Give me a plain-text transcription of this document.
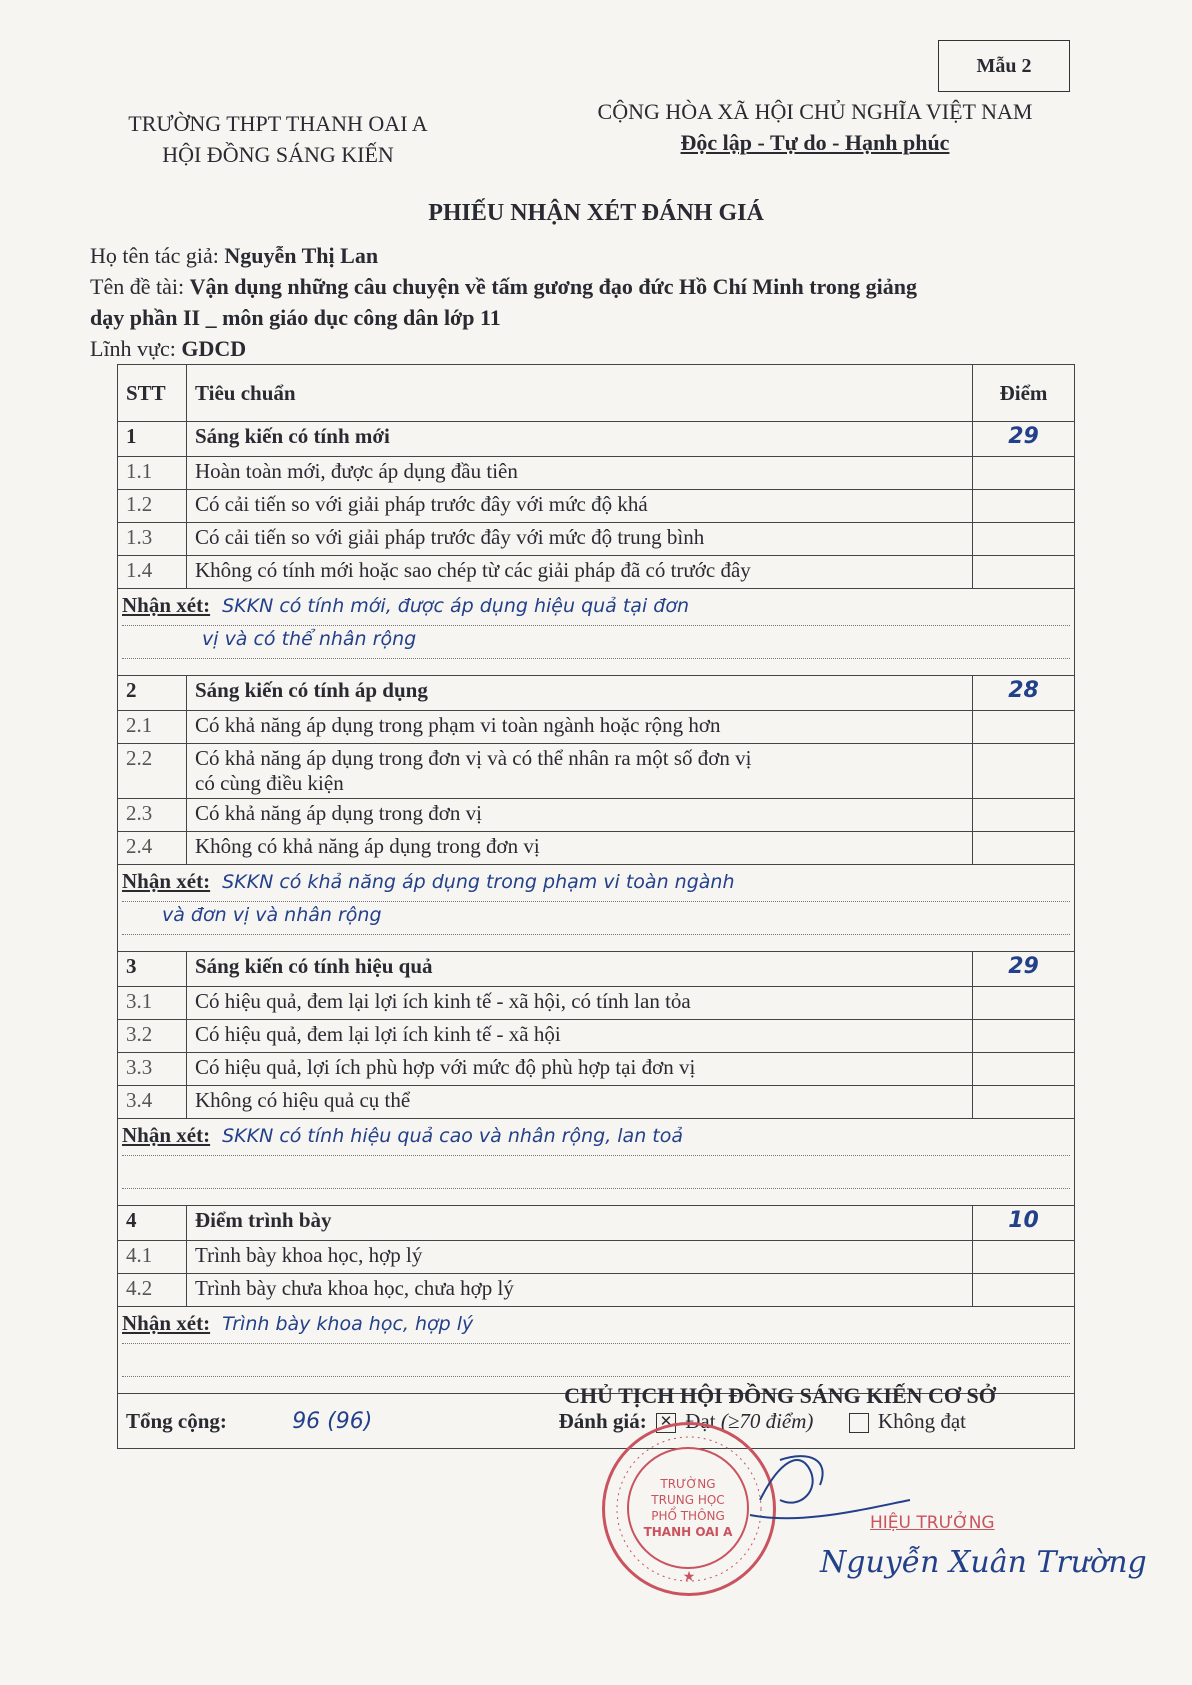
Mẫu 2
TRƯỜNG THPT THANH OAI A
HỘI ĐỒNG SÁNG KIẾN
CỘNG HÒA XÃ HỘI CHỦ NGHĨA VIỆT NAM
Độc lập - Tự do - Hạnh phúc
PHIẾU NHẬN XÉT ĐÁNH GIÁ
Họ tên tác giả: Nguyễn Thị Lan
Tên đề tài: Vận dụng những câu chuyện về tấm gương đạo đức Hồ Chí Minh trong giảng
dạy phần II _ môn giáo dục công dân lớp 11
Lĩnh vực: GDCD
STT	Tiêu chuẩn	Điểm
1	Sáng kiến có tính mới	29
1.1	Hoàn toàn mới, được áp dụng đầu tiên	
1.2	Có cải tiến so với giải pháp trước đây với mức độ khá	
1.3	Có cải tiến so với giải pháp trước đây với mức độ trung bình	
1.4	Không có tính mới hoặc sao chép từ các giải pháp đã có trước đây	

Nhận xét: SKKN có tính mới, được áp dụng hiệu quả tại đơn
vị và có thể nhân rộng		

2	Sáng kiến có tính áp dụng	28
2.1	Có khả năng áp dụng trong phạm vi toàn ngành hoặc rộng hơn	
2.2	Có khả năng áp dụng trong đơn vị và có thể nhân ra một số đơn vị
có cùng điều kiện	

2.3	Có khả năng áp dụng trong đơn vị	
2.4	Không có khả năng áp dụng trong đơn vị	

Nhận xét: SKKN có khả năng áp dụng trong phạm vi toàn ngành
và đơn vị và nhân rộng		

3	Sáng kiến có tính hiệu quả	29
3.1	Có hiệu quả, đem lại lợi ích kinh tế - xã hội, có tính lan tỏa	
3.2	Có hiệu quả, đem lại lợi ích kinh tế - xã hội	
3.3	Có hiệu quả, lợi ích phù hợp với mức độ phù hợp tại đơn vị	
3.4	Không có hiệu quả cụ thể	

Nhận xét: SKKN có tính hiệu quả cao và nhân rộng, lan toả		

4	Điểm trình bày	10
4.1	Trình bày khoa học, hợp lý	
4.2	Trình bày chưa khoa học, chưa hợp lý	

Nhận xét: Trình bày khoa học, hợp lý		

Tổng cộng: 96 (96) Đánh giá: ✕ Đạt (≥70 điểm) Không đạt		
CHỦ TỊCH HỘI ĐỒNG SÁNG KIẾN CƠ SỞ
★
TRƯỜNG
TRUNG HỌC
PHỔ THÔNG
THANH OAI A	HIỆU TRƯỞNG
Nguyễn Xuân Trường
